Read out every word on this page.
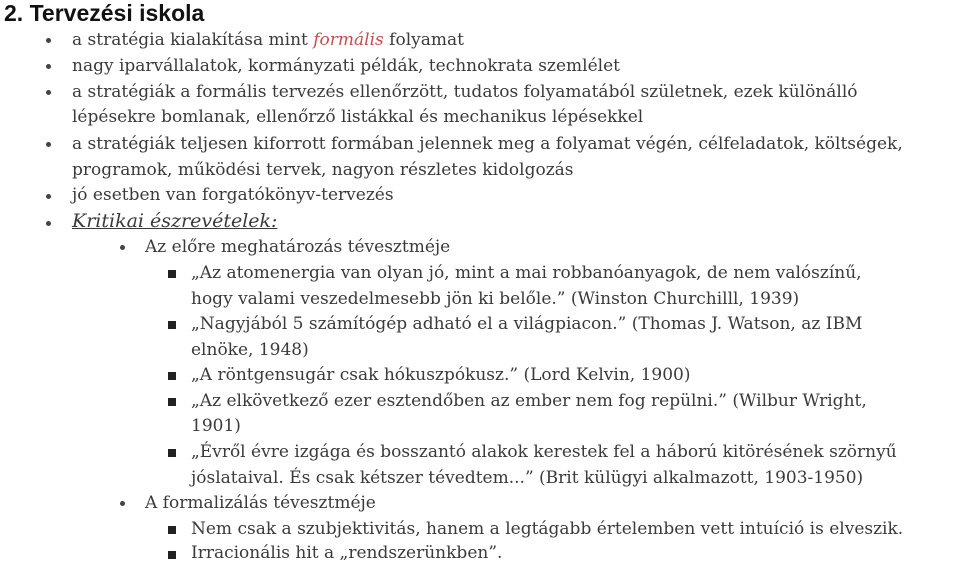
2. Tervezési iskola
a stratégia kialakítása mint formális folyamat
nagy iparvállalatok, kormányzati példák, technokrata szemlélet
a stratégiák a formális tervezés ellenőrzött, tudatos folyamatából születnek, ezek különálló
lépésekre bomlanak, ellenőrző listákkal és mechanikus lépésekkel
a stratégiák teljesen kiforrott formában jelennek meg a folyamat végén, célfeladatok, költségek,
programok, működési tervek, nagyon részletes kidolgozás
jó esetben van forgatókönyv-tervezés
Kritikai észrevételek:
Az előre meghatározás tévesztméje
„Az atomenergia van olyan jó, mint a mai robbanóanyagok, de nem valószínű,
hogy valami veszedelmesebb jön ki belőle.” (Winston Churchilll, 1939)
„Nagyjából 5 számítógép adható el a világpiacon.” (Thomas J. Watson, az IBM
elnöke, 1948)
„A röntgensugár csak hókuszpókusz.” (Lord Kelvin, 1900)
„Az elkövetkező ezer esztendőben az ember nem fog repülni.” (Wilbur Wright,
1901)
„Évről évre izgága és bosszantó alakok kerestek fel a háború kitörésének szörnyű
jóslataival. És csak kétszer tévedtem...” (Brit külügyi alkalmazott, 1903-1950)
A formalizálás tévesztméje
Nem csak a szubjektivitás, hanem a legtágabb értelemben vett intuíció is elveszik.
Irracionális hit a „rendszerünkben”.
